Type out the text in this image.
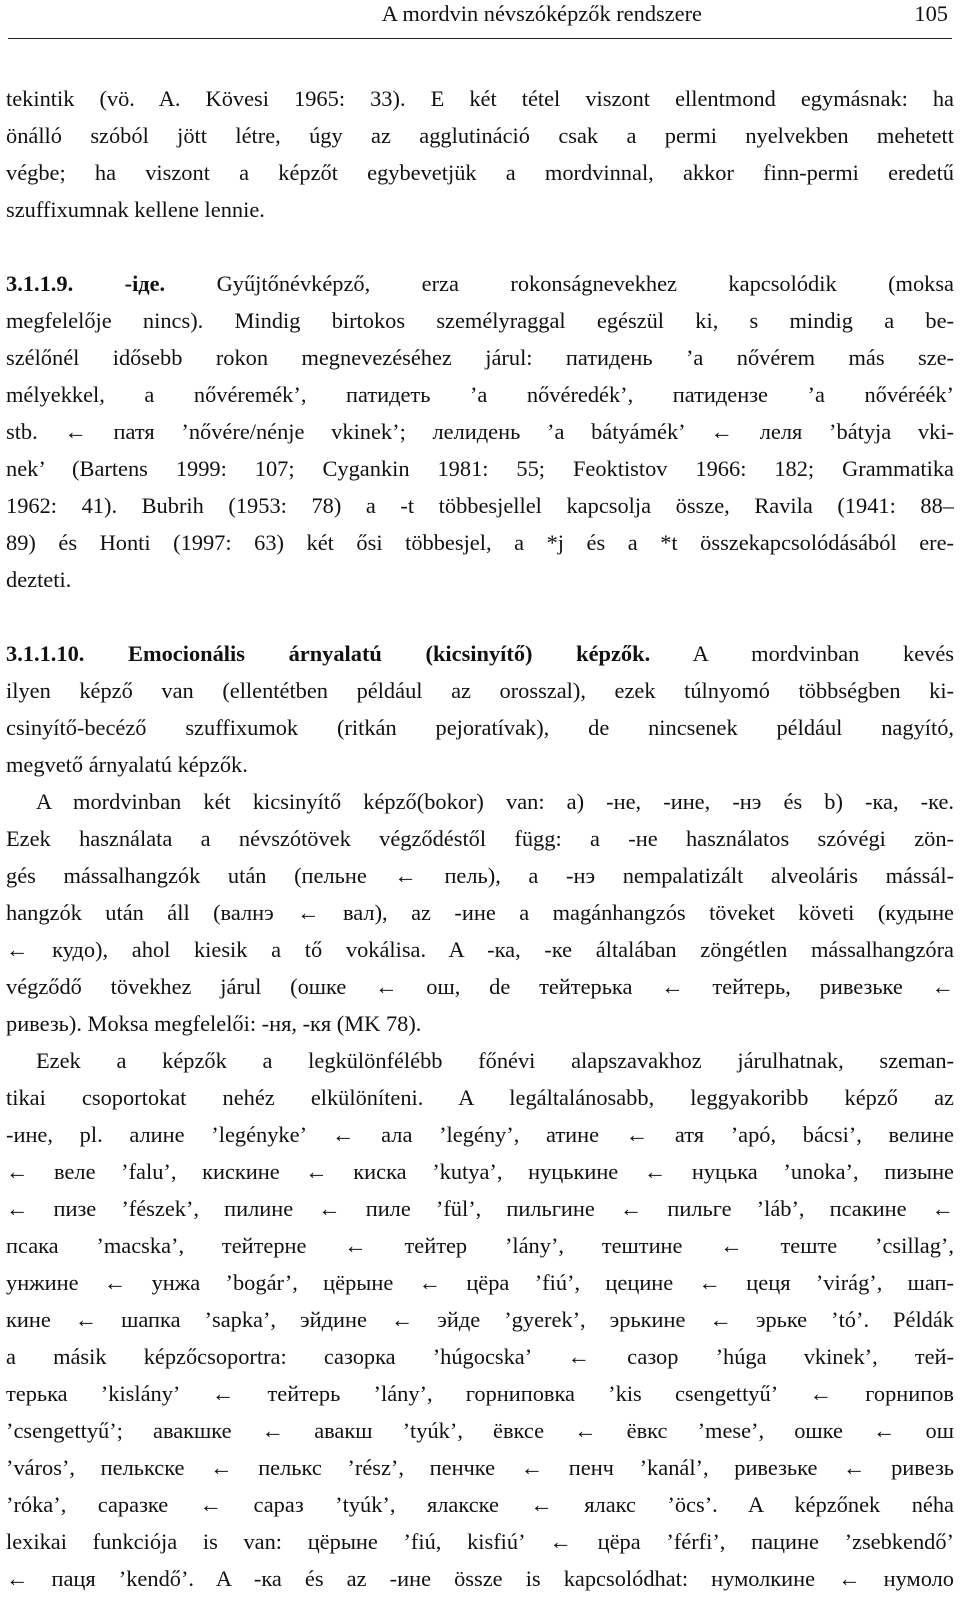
A mordvin névszóképzők rendszere	105
tekintik (vö. A. Kövesi 1965: 33). E két tétel viszont ellentmond egymásnak: ha
önálló szóból jött létre, úgy az agglutináció csak a permi nyelvekben mehetett
végbe; ha viszont a képzőt egybevetjük a mordvinnal, akkor finn-permi eredetű
szuffixumnak kellene lennie.
3.1.1.9. -іде. Gyűjtőnévképző, erza rokonságnevekhez kapcsolódik (moksa
megfelelője nincs). Mindig birtokos személyraggal egészül ki, s mindig a be-
szélőnél idősebb rokon megnevezéséhez járul: патидень ’a nővérem más sze-
mélyekkel, a nővéremék’, патидеть ’a nővéredék’, патидензе ’a nővéréék’
stb. ← патя ’nővére/nénje vkinek’; лелидень ’a bátyámék’ ← леля ’bátyja vki-
nek’ (Bartens 1999: 107; Cygankin 1981: 55; Feoktistov 1966: 182; Grammatika
1962: 41). Bubrih (1953: 78) a -t többesjellel kapcsolja össze, Ravila (1941: 88–
89) és Honti (1997: 63) két ősi többesjel, a *j és a *t összekapcsolódásából ere-
dezteti.
3.1.1.10. Emocionális árnyalatú (kicsinyítő) képzők. A mordvinban kevés
ilyen képző van (ellentétben például az orosszal), ezek túlnyomó többségben ki-
csinyítő-becéző szuffixumok (ritkán pejoratívak), de nincsenek például nagyító,
megvető árnyalatú képzők.
A mordvinban két kicsinyítő képző(bokor) van: a) -не, -ине, -нэ és b) -ка, -ке.
Ezek használata a névszótövek végződéstől függ: a -не használatos szóvégi zön-
gés mássalhangzók után (пельне ← пель), a -нэ nempalatizált alveoláris mássál-
hangzók után áll (валнэ ← вал), az -ине a magánhangzós töveket követi (кудыне
← кудо), ahol kiesik a tő vokálisa. A -ка, -ке általában zöngétlen mássalhangzóra
végződő tövekhez járul (ошке ← ош, de тейтерька ← тейтерь, ривезьке ←
ривезь). Moksa megfelelői: -ня, -кя (MK 78).
Ezek a képzők a legkülönfélébb főnévi alapszavakhoz járulhatnak, szeman-
tikai csoportokat nehéz elkülöníteni. A legáltalánosabb, leggyakoribb képző az
-ине, pl. алине ’legényke’ ← ала ’legény’, атине ← атя ’apó, bácsi’, велине
← веле ’falu’, кискине ← киска ’kutya’, нуцькине ← нуцька ’unoka’, пизыне
← пизе ’fészek’, пилине ← пиле ’fül’, пильгине ← пильге ’láb’, псакине ←
псака ’macska’, тейтерне ← тейтер ’lány’, тештине ← теште ’csillag’,
унжине ← унжа ’bogár’, цёрыне ← цёра ’fiú’, цецине ← цеця ’virág’, шап-
кине ← шапка ’sapka’, эйдине ← эйде ’gyerek’, эрькине ← эрьке ’tó’. Példák
a másik képzőcsoportra: сазорка ’húgocska’ ← сазор ’húga vkinek’, тей-
терька ’kislány’ ← тейтерь ’lány’, горниповка ’kis csengettyű’ ← горнипов
’csengettyű’; авакшке ← авакш ’tyúk’, ёвксе ← ёвкс ’mese’, ошке ← ош
’város’, пелькске ← пелькс ’rész’, пенчке ← пенч ’kanál’, ривезьке ← ривезь
’róka’, саразке ← сараз ’tyúk’, ялакске ← ялакс ’öcs’. A képzőnek néha
lexikai funkciója is van: цёрыне ’fiú, kisfiú’ ← цёра ’férfi’, пацине ’zsebkendő’
← паця ’kendő’. A -ка és az -ине össze is kapcsolódhat: нумолкине ← нумоло
